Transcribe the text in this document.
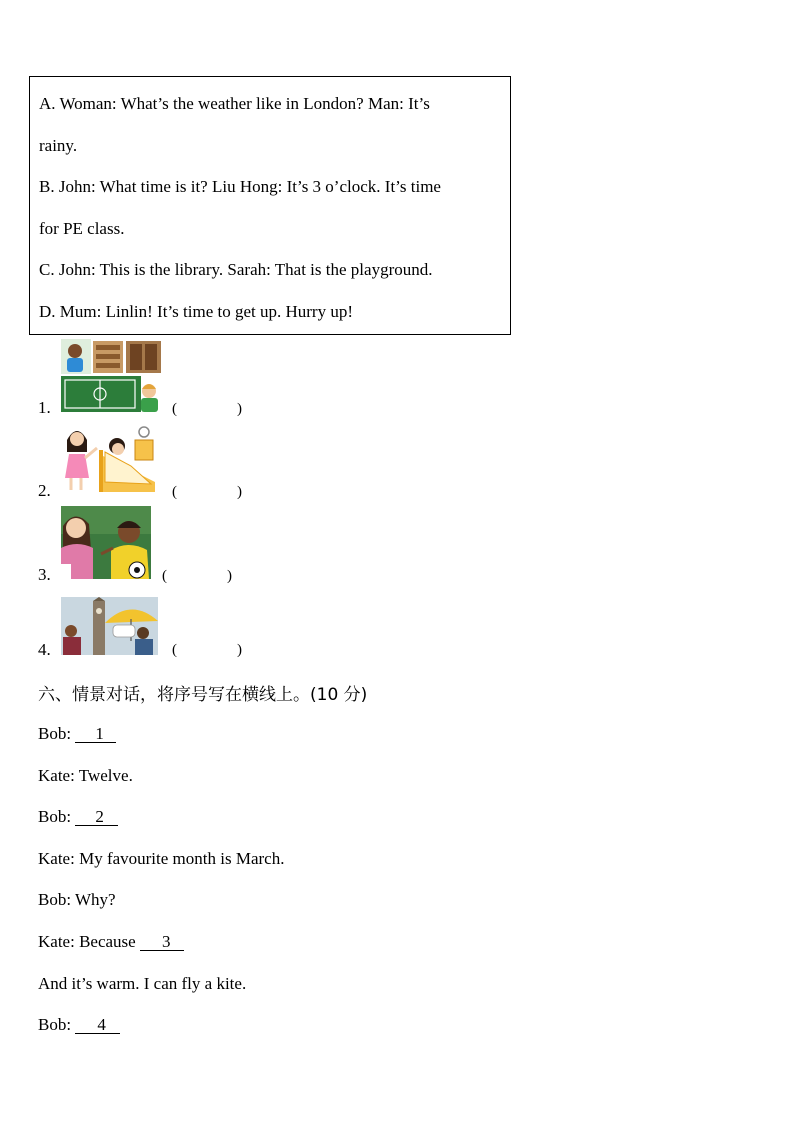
A. Woman: What’s the weather like in London? Man: It’s
rainy.
B. John: What time is it? Liu Hong: It’s 3 o’clock. It’s time
for PE class.
C. John: This is the library. Sarah: That is the playground.
D. Mum: Linlin! It’s time to get up. Hurry up!
1.	(　　　　)
2.	(　　　　)
3.	(　　　　)
4.	(　　　　)
六、情景对话，将序号写在横线上。(10 分)
Bob: 1
Kate: Twelve.
Bob: 2
Kate: My favourite month is March.
Bob: Why?
Kate: Because 3
And it’s warm. I can fly a kite.
Bob: 4
